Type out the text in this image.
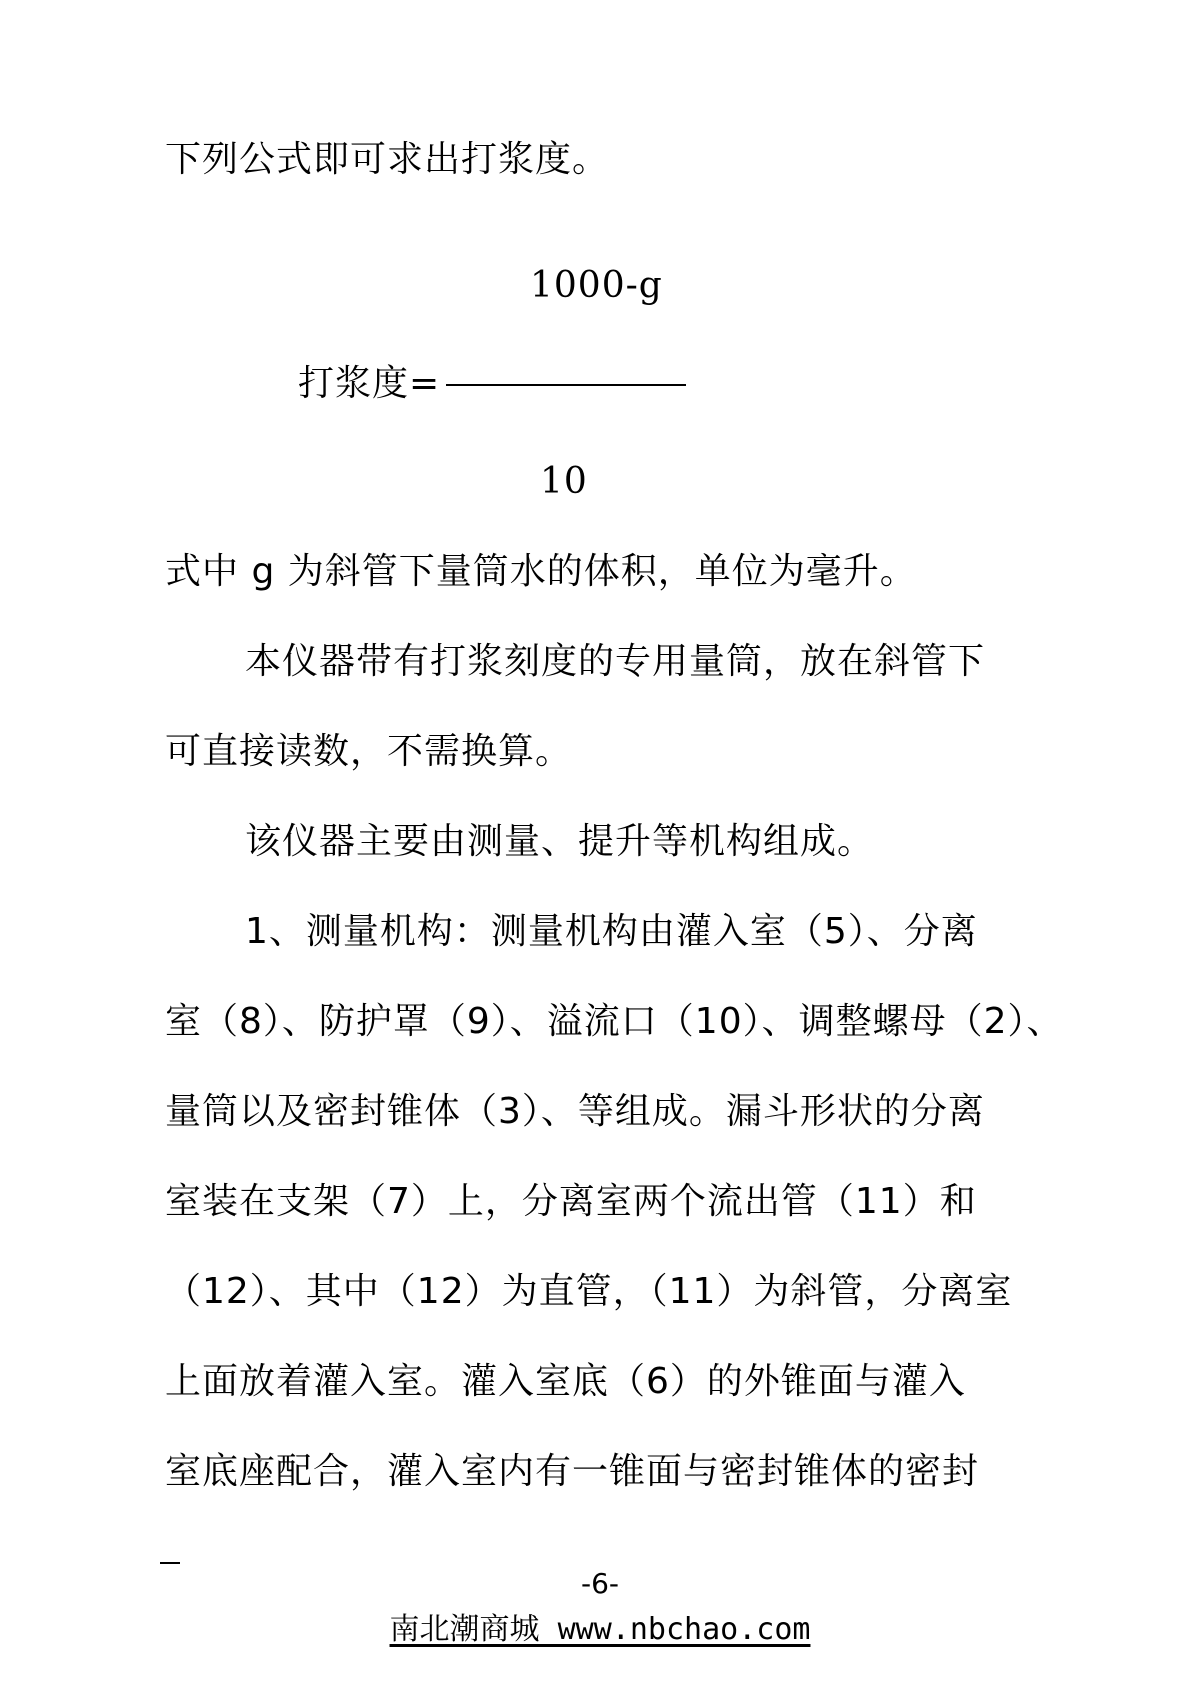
下列公式即可求出打浆度。
1000-g
打浆度=
10
式中 g 为斜管下量筒水的体积，单位为毫升。
本仪器带有打浆刻度的专用量筒，放在斜管下
可直接读数，不需换算。
该仪器主要由测量、提升等机构组成。
1、测量机构：测量机构由灌入室（5）、分离
室（8）、防护罩（9）、溢流口（10）、调整螺母（2）、
量筒以及密封锥体（3）、等组成。漏斗形状的分离
室装在支架（7）上，分离室两个流出管（11）和
（12）、其中（12）为直管，（11）为斜管，分离室
上面放着灌入室。灌入室底（6）的外锥面与灌入
室底座配合，灌入室内有一锥面与密封锥体的密封
-6-
南北潮商城 www.nbchao.com
